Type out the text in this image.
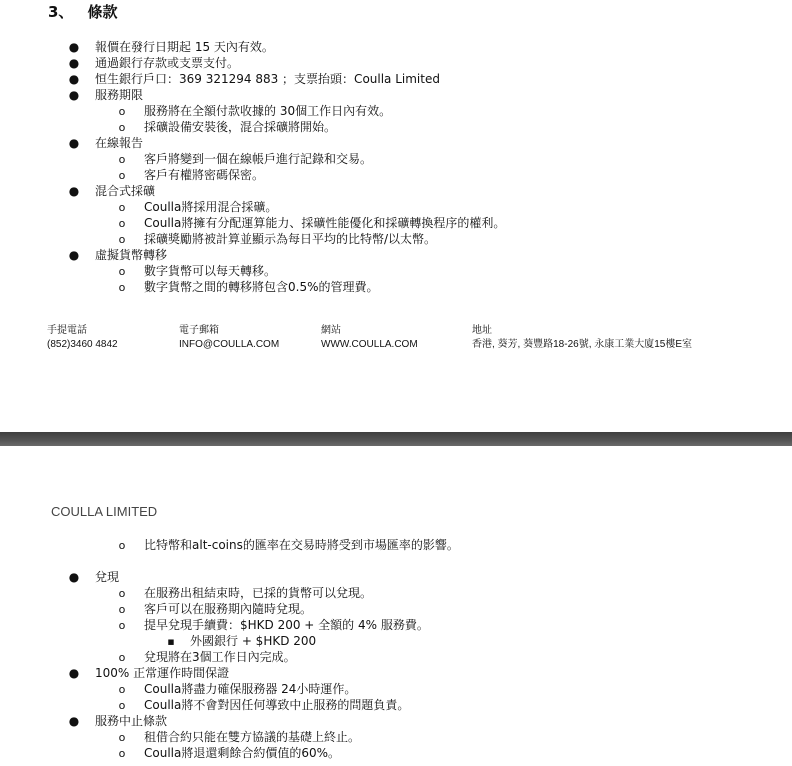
3、 條款
● 報價在發行日期起 15 天內有效。
● 通過銀行存款或支票支付。
● 恒生銀行戶口：369 321294 883 ；支票抬頭：Coulla Limited
● 服務期限
o 服務將在全額付款收據的 30個工作日內有效。
o 採礦設備安裝後，混合採礦將開始。
● 在線報告
o 客戶將變到一個在線帳戶進行記錄和交易。
o 客戶有權將密碼保密。
● 混合式採礦
o Coulla將採用混合採礦。
o Coulla將擁有分配運算能力、採礦性能優化和採礦轉換程序的權利。
o 採礦獎勵將被計算並顯示為每日平均的比特幣/以太幣。
● 虛擬貨幣轉移
o 數字貨幣可以每天轉移。
o 數字貨幣之間的轉移將包含0.5%的管理費。
手提電話
(852)3460 4842
電子郵箱
INFO@COULLA.COM
網站
WWW.COULLA.COM
地址
香港, 葵芳, 葵豐路18-26號, 永康工業大廈15樓E室
COULLA LIMITED
o 比特幣和alt-coins的匯率在交易時將受到市場匯率的影響。
● 兌現
o 在服務出租結束時，已採的貨幣可以兌現。
o 客戶可以在服務期內隨時兌現。
o 提早兌現手續費：$HKD 200 + 全額的 4% 服務費。
▪ 外國銀行 + $HKD 200
o 兌現將在3個工作日內完成。
● 100% 正常運作時間保證
o Coulla將盡力確保服務器 24小時運作。
o Coulla將不會對因任何導致中止服務的問題負責。
● 服務中止條款
o 租借合約只能在雙方協議的基礎上終止。
o Coulla將退還剩餘合約價值的60%。
